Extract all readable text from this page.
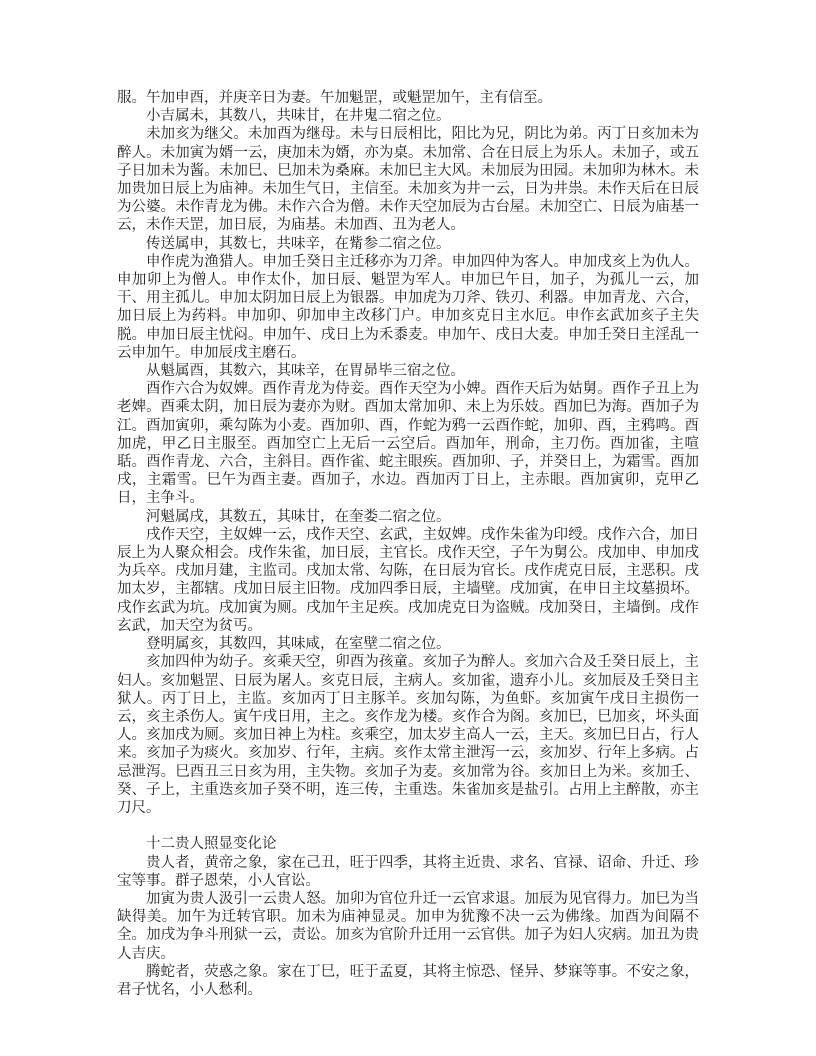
服。午加申酉，并庚辛日为妻。午加魁罡，或魁罡加午，主有信至。

小吉属未，其数八，共味甘，在井鬼二宿之位。

未加亥为继父。未加酉为继母。未与日辰相比，阳比为兄，阴比为弟。丙丁日亥加未为醉人。未加寅为婿一云，庚加未为婿，亦为桌。未加常、合在日辰上为乐人。未加子，或五子日加未为酱。未加巳、巳加未为桑麻。未加巳主大风。未加辰为田园。未加卯为林木。未加贵加日辰上为庙神。未加生气日，主信至。未加亥为井一云，日为井祟。未作天后在日辰为公婆。未作青龙为佛。未作六合为僧。未作天空加辰为古台屋。未加空亡、日辰为庙基一云，未作天罡，加日辰，为庙基。未加酉、丑为老人。

传送属申，其数七，共味辛，在觜参二宿之位。

申作虎为渔猎人。申加壬癸日主迁移亦为刀斧。申加四仲为客人。申加戌亥上为仇人。申加卯上为僧人。申作太仆，加日辰、魁罡为军人。申加巳午日，加子，为孤儿一云，加干、用主孤儿。申加太阴加日辰上为银器。申加虎为刀斧、铁刃、利器。申加青龙、六合，加日辰上为药料。申加卯、卯加申主改移门户。申加亥克日主水厄。申作玄武加亥子主失脱。申加日辰主忧闷。申加午、戌日上为禾黍麦。申加午、戌日大麦。申加壬癸日主淫乱一云申加午。申加辰戌主磨石。

从魁属酉，其数六，其味辛，在胃昴毕三宿之位。

酉作六合为奴婢。酉作青龙为侍妾。酉作天空为小婢。酉作天后为姑舅。酉作子丑上为老婢。酉乘太阴，加日辰为妻亦为财。酉加太常加卯、未上为乐妓。酉加巳为海。酉加子为江。酉加寅卯，乘勾陈为小麦。酉加卯、酉，作蛇为鸦一云酉作蛇，加卯、酉，主鸦鸣。酉加虎，甲乙日主服至。酉加空亡上无后一云空后。酉加年，刑命，主刀伤。酉加雀，主喧聒。酉作青龙、六合，主斜目。酉作雀、蛇主眼疾。酉加卯、子，并癸日上，为霜雪。酉加戌，主霜雪。巳午为酉主妻。酉加子，水边。酉加丙丁日上，主赤眼。酉加寅卯，克甲乙日，主争斗。

河魁属戌，其数五，其味甘，在奎娄二宿之位。

戌作天空，主奴婢一云，戌作天空、玄武，主奴婢。戌作朱雀为印绶。戌作六合，加日辰上为人聚众相会。戌作朱雀，加日辰，主官长。戌作天空，子午为舅公。戌加申、申加戌为兵卒。戌加月建，主监司。戌加太常、勾陈，在日辰为官长。戌作虎克日辰，主恶积。戌加太岁，主都辖。戌加日辰主旧物。戌加四季日辰，主墙壁。戌加寅，在申日主坟墓损坏。戌作玄武为坑。戌加寅为厕。戌加午主足疾。戌加虎克日为盗贼。戌加癸日，主墙倒。戌作玄武，加天空为贫丐。

登明属亥，其数四，其味咸，在室壁二宿之位。

亥加四仲为幼子。亥乘天空，卯酉为孩童。亥加子为醉人。亥加六合及壬癸日辰上，主妇人。亥加魁罡、日辰为屠人。亥克日辰，主病人。亥加雀，遗弃小儿。亥加辰及壬癸日主狱人。丙丁日上，主监。亥加丙丁日主豚羊。亥加勾陈，为鱼虾。亥加寅午戌日主损伤一云，亥主杀伤人。寅午戌日用，主之。亥作龙为楼。亥作合为阁。亥加巳，巳加亥，坏头面人。亥加戌为厕。亥加日神上为柱。亥乘空，加太岁主高人一云，主天。亥加巳日占，行人来。亥加子为痰火。亥加岁、行年，主病。亥作太常主泄泻一云，亥加岁、行年上多病。占忌泄泻。巳酉丑三日亥为用，主失物。亥加子为麦。亥加常为谷。亥加日上为米。亥加壬、癸、子上，主重迭亥加子癸不明，连三传，主重迭。朱雀加亥是盐引。占用上主醉散，亦主刀尺。

十二贵人照显变化论

贵人者，黄帝之象，家在己丑，旺于四季，其将主近贵、求名、官禄、诏命、升迁、珍宝等事。群子恩荣，小人官讼。

加寅为贵人汲引一云贵人怒。加卯为官位升迁一云官求退。加辰为见官得力。加巳为当缺得美。加午为迁转官职。加未为庙神显灵。加申为犹豫不决一云为佛缘。加酉为间隔不全。加戌为争斗刑狱一云，责讼。加亥为官阶升迁用一云官供。加子为妇人灾病。加丑为贵人吉庆。

腾蛇者，荧惑之象。家在丁巳，旺于孟夏，其将主惊恐、怪异、梦寐等事。不安之象，君子忧名，小人愁利。
